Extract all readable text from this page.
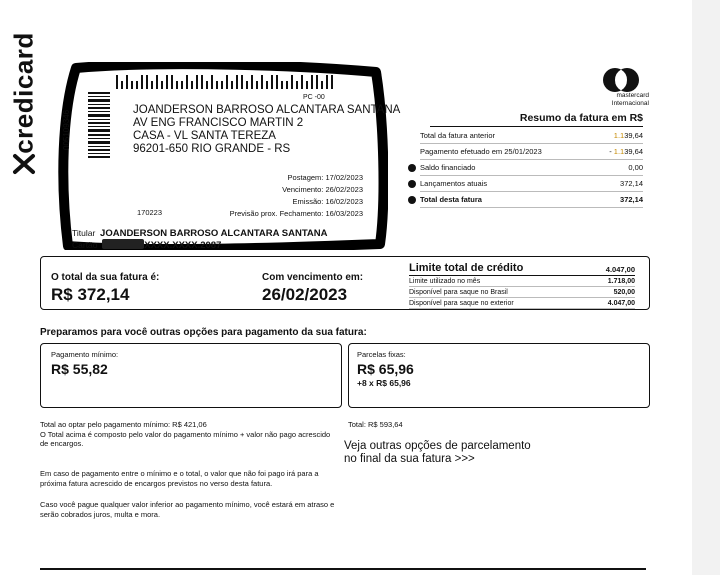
credicard	005109346
PC -00
JOANDERSON BARROSO ALCANTARA SANTANA
AV ENG FRANCISCO MARTIN 2
CASA - VL SANTA TEREZA
96201-650 RIO GRANDE - RS
Postagem: 17/02/2023
Vencimento: 26/02/2023
Emissão: 16/02/2023
Previsão prox. Fechamento: 16/03/2023
170223
Titular JOANDERSON BARROSO ALCANTARA SANTANA
Cartão	XXXX.XXXX.2087
mastercard
Internacional
Resumo da fatura em R$
Total da fatura anterior	1.139,64
Pagamento efetuado em 25/01/2023	- 1.139,64
Saldo financiado	0,00
Lançamentos atuais	372,14
Total desta fatura	372,14
O total da sua fatura é:
R$ 372,14
Com vencimento em:
26/02/2023
Limite total de crédito	4.047,00
Limite utilizado no mês	1.718,00
Disponível para saque no Brasil	520,00
Disponível para saque no exterior	4.047,00
Preparamos para você outras opções para pagamento da sua fatura:
Pagamento mínimo:
R$ 55,82
Parcelas fixas:
R$ 65,96
+8 x R$ 65,96
Total ao optar pelo pagamento mínimo: R$ 421,06
O Total acima é composto pelo valor do pagamento mínimo + valor não pago acrescido de encargos.
Total: R$ 593,64
Veja outras opções de parcelamento
no final da sua fatura >>>
Em caso de pagamento entre o mínimo e o total, o valor que não foi pago irá para a próxima fatura acrescido de encargos previstos no verso desta fatura.
Caso você pague qualquer valor inferior ao pagamento mínimo, você estará em atraso e serão cobrados juros, multa e mora.
